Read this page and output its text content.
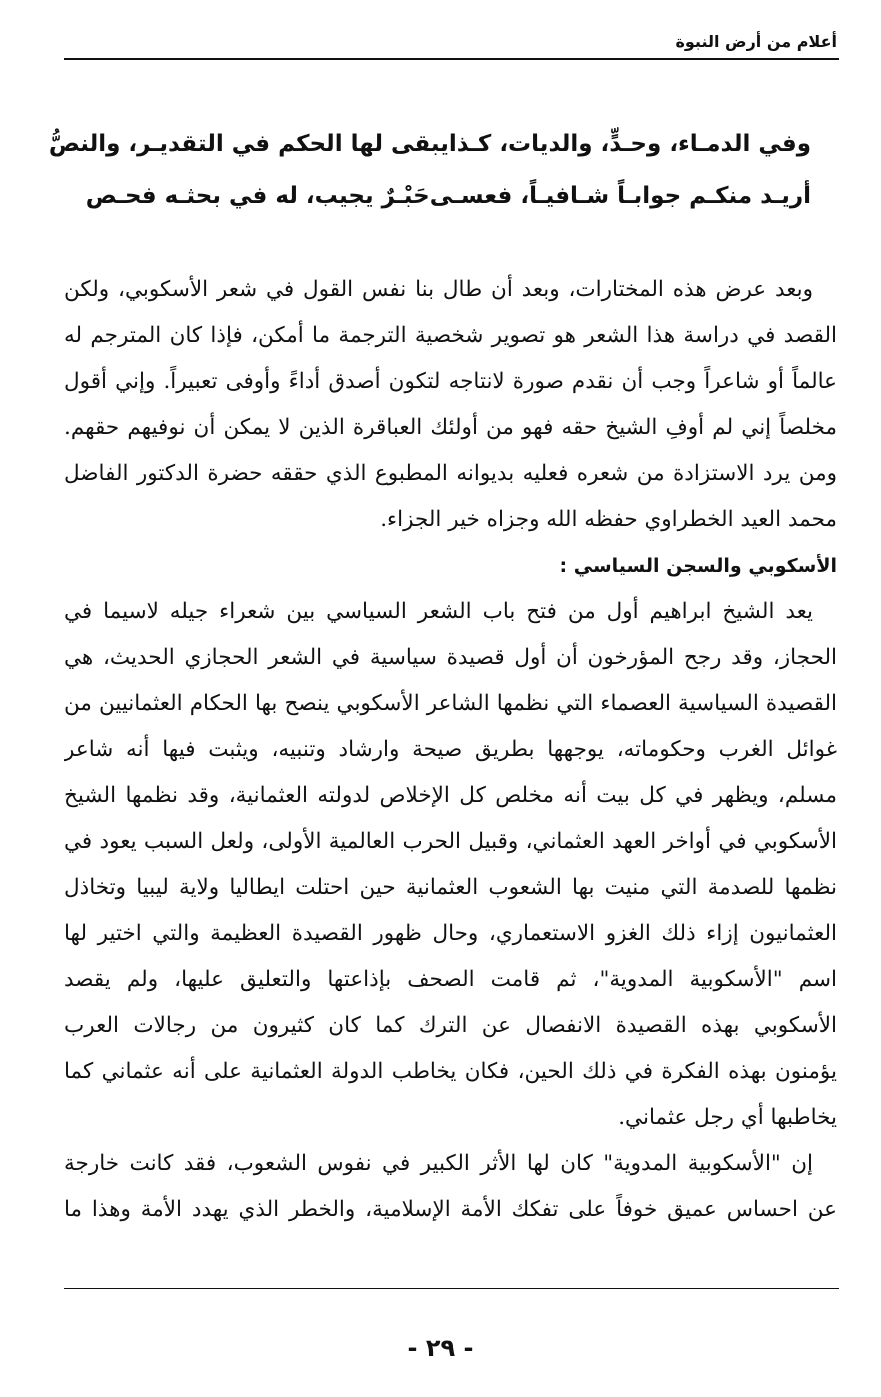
أعلام من أرض النبوة
وفي الدمـاء، وحـدٍّ، والديات، كـذا
يبقى لها الحكم في التقديـر، والنصُّ
أريـد منكـم جوابـاً شـافيـاً، فعسـى
حَبْـرٌ يجيب، له في بحثـه فحـص
وبعد عرض هذه المختارات، وبعد أن طال بنا نفس القول في شعر الأسكوبي، ولكن
القصد في دراسة هذا الشعر هو تصوير شخصية الترجمة ما أمكن، فإذا كان المترجم له
عالماً أو شاعراً وجب أن نقدم صورة لانتاجه لتكون أصدق أداءً وأوفى تعبيراً. وإني أقول
مخلصاً إني لم أوفِ الشيخ حقه فهو من أولئك العباقرة الذين لا يمكن أن نوفيهم حقهم.
ومن يرد الاستزادة من شعره فعليه بديوانه المطبوع الذي حققه حضرة الدكتور الفاضل
محمد العيد الخطراوي حفظه الله وجزاه خير الجزاء.
الأسكوبي والسجن السياسي :
يعد الشيخ ابراهيم أول من فتح باب الشعر السياسي بين شعراء جيله لاسيما في
الحجاز، وقد رجح المؤرخون أن أول قصيدة سياسية في الشعر الحجازي الحديث، هي
القصيدة السياسية العصماء التي نظمها الشاعر الأسكوبي ينصح بها الحكام العثمانيين من
غوائل الغرب وحكوماته، يوجهها بطريق صيحة وارشاد وتنبيه، ويثبت فيها أنه شاعر
مسلم، ويظهر في كل بيت أنه مخلص كل الإخلاص لدولته العثمانية، وقد نظمها الشيخ
الأسكوبي في أواخر العهد العثماني، وقبيل الحرب العالمية الأولى، ولعل السبب يعود في
نظمها للصدمة التي منيت بها الشعوب العثمانية حين احتلت ايطاليا ولاية ليبيا وتخاذل
العثمانيون إزاء ذلك الغزو الاستعماري، وحال ظهور القصيدة العظيمة والتي اختير لها
اسم "الأسكوبية المدوية"، ثم قامت الصحف بإذاعتها والتعليق عليها، ولم يقصد
الأسكوبي بهذه القصيدة الانفصال عن الترك كما كان كثيرون من رجالات العرب
يؤمنون بهذه الفكرة في ذلك الحين، فكان يخاطب الدولة العثمانية على أنه عثماني كما
يخاطبها أي رجل عثماني.
إن "الأسكوبية المدوية" كان لها الأثر الكبير في نفوس الشعوب، فقد كانت خارجة
عن احساس عميق خوفاً على تفكك الأمة الإسلامية، والخطر الذي يهدد الأمة وهذا ما
- ٢٩ -
